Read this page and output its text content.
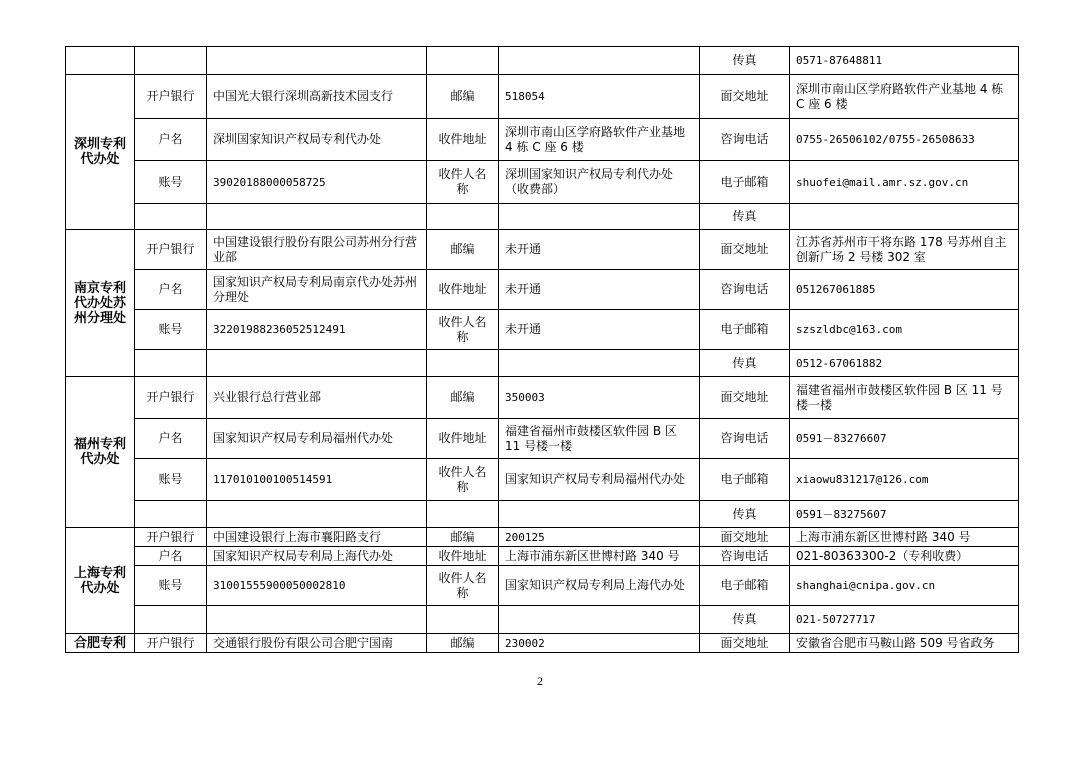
					传真	0571-87648811
深圳专利代办处	开户银行	中国光大银行深圳高新技术园支行	邮编	518054	面交地址	深圳市南山区学府路软件产业基地 4 栋 C 座 6 楼
	户名	深圳国家知识产权局专利代办处	收件地址	深圳市南山区学府路软件产业基地 4 栋 C 座 6 楼	咨询电话	0755-26506102/0755-26508633
	账号	39020188000058725	收件人名称	深圳国家知识产权局专利代办处 （收费部）	电子邮箱	shuofei@mail.amr.sz.gov.cn
					传真	
南京专利代办处苏州分理处	开户银行	中国建设银行股份有限公司苏州分行营业部	邮编	未开通	面交地址	江苏省苏州市干将东路 178 号苏州自主创新广场 2 号楼 302 室
	户名	国家知识产权局专利局南京代办处苏州分理处	收件地址	未开通	咨询电话	051267061885
	账号	32201988236052512491	收件人名称	未开通	电子邮箱	szszldbc@163.com
					传真	0512-67061882
福州专利代办处	开户银行	兴业银行总行营业部	邮编	350003	面交地址	福建省福州市鼓楼区软件园 B 区 11 号楼一楼
	户名	国家知识产权局专利局福州代办处	收件地址	福建省福州市鼓楼区软件园 B 区 11 号楼一楼	咨询电话	0591－83276607
	账号	117010100100514591	收件人名称	国家知识产权局专利局福州代办处	电子邮箱	xiaowu831217@126.com
					传真	0591－83275607
上海专利代办处	开户银行	中国建设银行上海市襄阳路支行	邮编	200125	面交地址	上海市浦东新区世博村路 340 号
	户名	国家知识产权局专利局上海代办处	收件地址	上海市浦东新区世博村路 340 号	咨询电话	021-80363300-2（专利收费）
	账号	31001555900050002810	收件人名称	国家知识产权局专利局上海代办处	电子邮箱	shanghai@cnipa.gov.cn
					传真	021-50727717
合肥专利	开户银行	交通银行股份有限公司合肥宁国南	邮编	230002	面交地址	安徽省合肥市马鞍山路 509 号省政务
2
